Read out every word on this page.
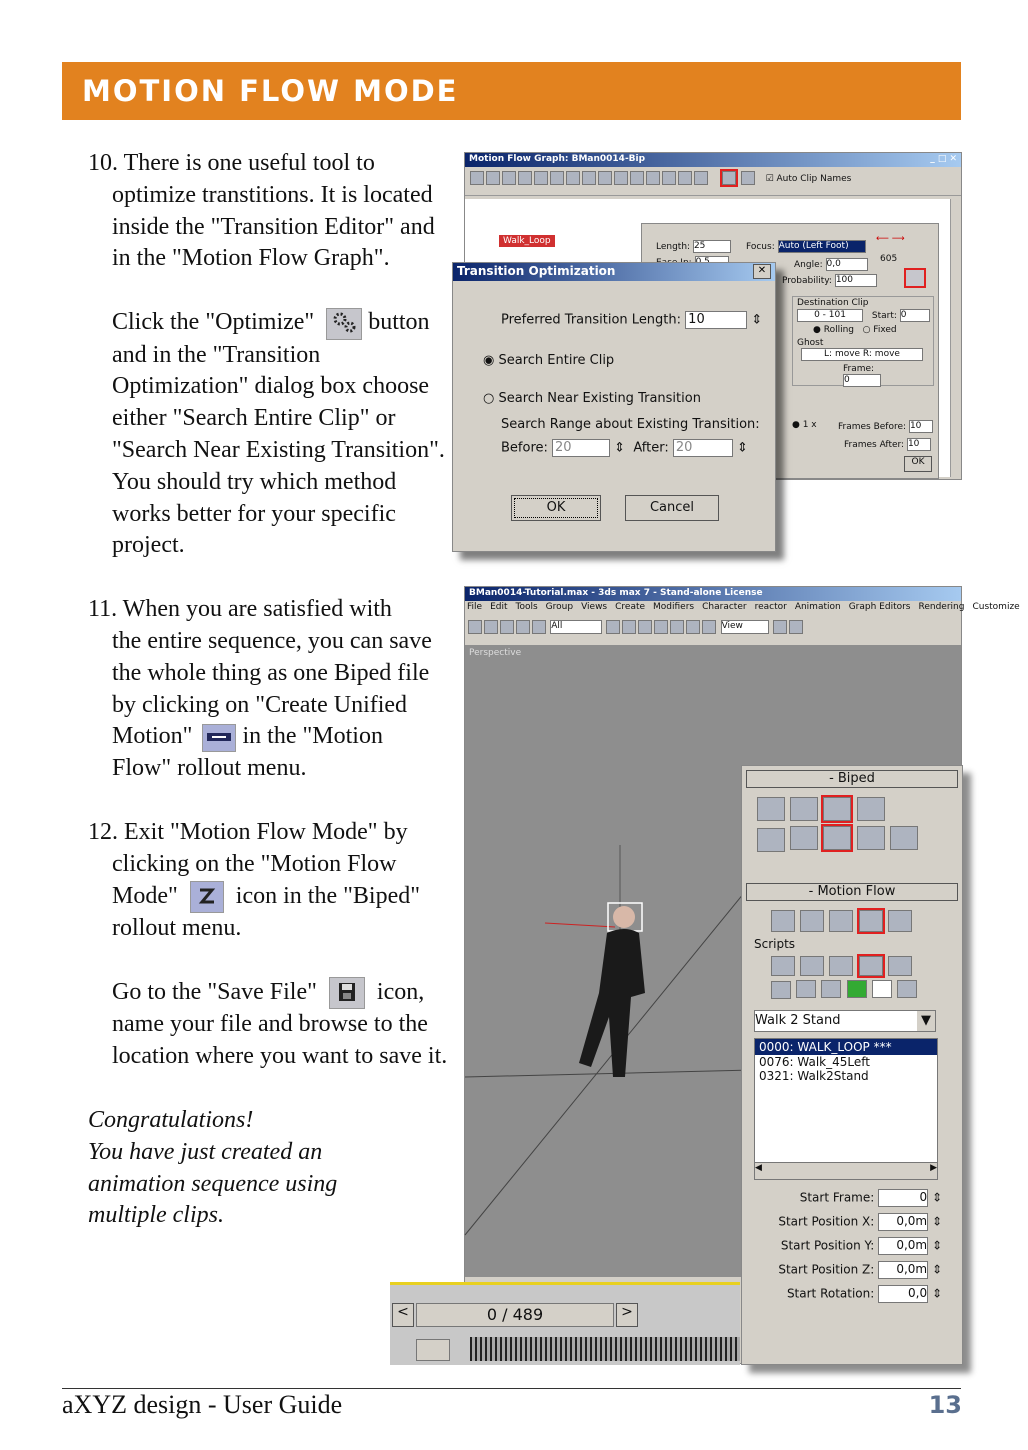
MOTION FLOW MODE

10. There is one useful tool to

optimize transtitions. It is located inside the "Transition Editor" and in the "Motion Flow Graph".

Click the "Optimize" button and in the "Transition Optimization" dialog box choose either "Search Entire Clip" or "Search Near Existing Transition".

You should try which method works better for your specific project.

11. When you are satisfied with

the entire sequence, you can save the whole thing as one Biped file by clicking on "Create Unified Motion" in the "Motion Flow" rollout menu.

12. Exit "Motion Flow Mode" by

clicking on the "Motion Flow Mode" icon in the "Biped" rollout menu.

Go to the "Save File"	icon, name your file and browse to the location where you want to save it.

Congratulations!

You have just created an

animation sequence using

multiple clips.

Motion Flow Graph: BMan0014-Bip	_ □ ✕
☑ Auto Clip Names
Walk_Loop
Length: 25	Focus: Auto (Left Foot)
Angle: 0,0
Probability: 100
⟵ ⟶
605
Destination Clip
0 - 101	Start: 0
● Rolling   ○ Fixed
Ghost
L: move R: move
Frame: 0
● 1 x Frames Before: 10
Frames After: 10
OK
Transition Optimization	✕
Preferred Transition Length: 10	⇕
◉ Search Entire Clip
○ Search Near Existing Transition
Search Range about Existing Transition:
Before: 20	⇕ After: 20	⇕
OK	Cancel
BMan0014-Tutorial.max - 3ds max 7 - Stand-alone License
File Edit Tools Group Views Create Modifiers Character reactor Animation Graph Editors Rendering Customize
All	View
Perspective
- Biped

- Motion Flow

Scripts

Walk 2 Stand	▼
0000: WALK_LOOP ***
0076: Walk_45Left
0321: Walk2Stand
◀	▶
Start Frame:	0 ⇕
Start Position X: 0,0m ⇕
Start Position Y: 0,0m ⇕
Start Position Z: 0,0m ⇕
Start Rotation:	0,0 ⇕
<	0 / 489	>
aXYZ design - User Guide	13
